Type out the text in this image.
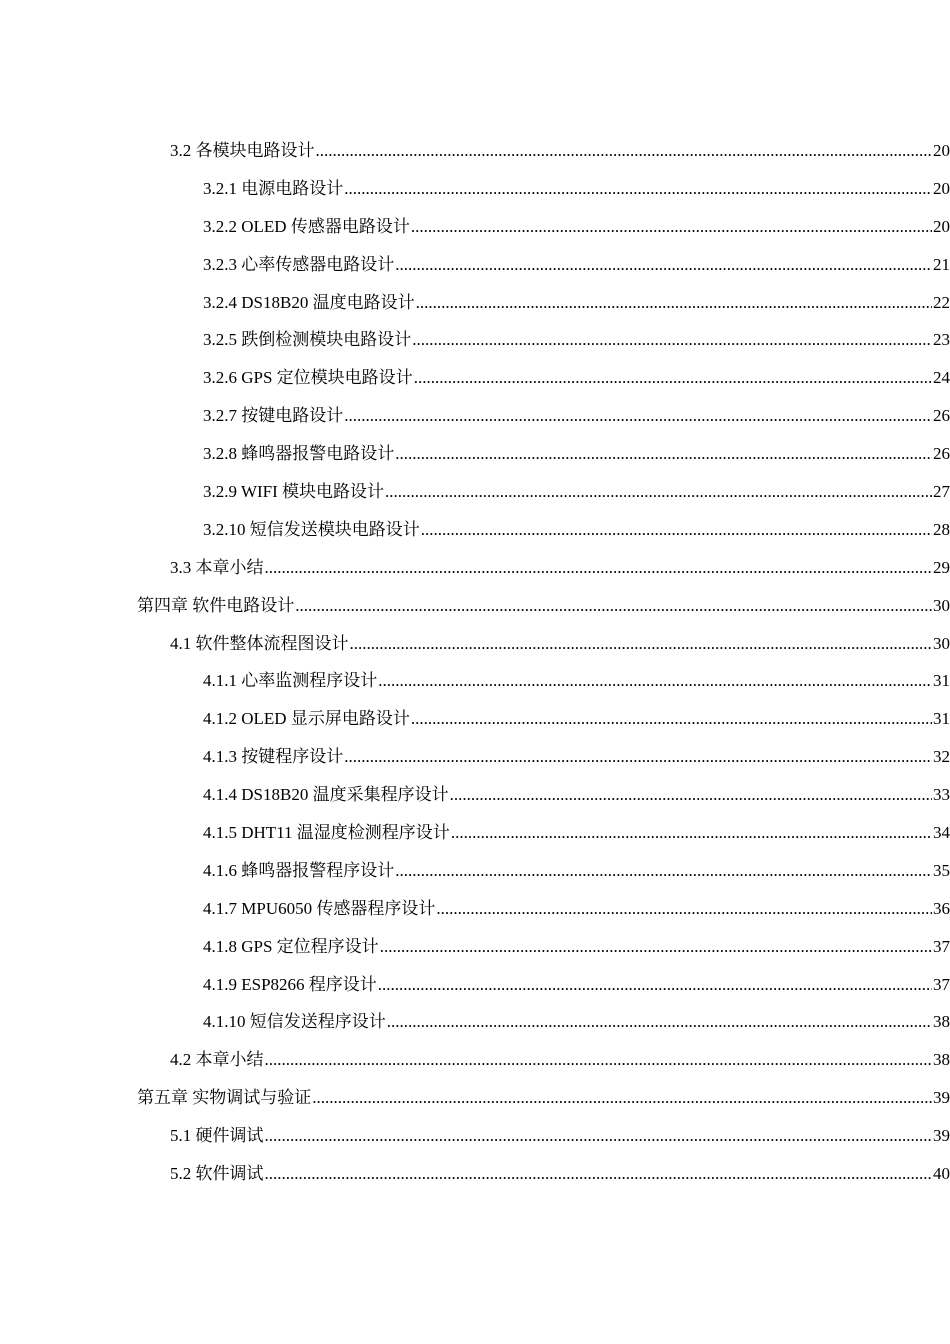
3.2 各模块电路设计 .....	20
3.2.1 电源电路设计 .....	20
3.2.2 OLED 传感器电路设计 .....	20
3.2.3 心率传感器电路设计 .....	21
3.2.4 DS18B20 温度电路设计 .....	22
3.2.5 跌倒检测模块电路设计 .....	23
3.2.6 GPS 定位模块电路设计 .....	24
3.2.7 按键电路设计 .....	26
3.2.8 蜂鸣器报警电路设计 .....	26
3.2.9 WIFI 模块电路设计 .....	27
3.2.10 短信发送模块电路设计 .....	28
3.3 本章小结 .....	29
第四章 软件电路设计 .....	30
4.1 软件整体流程图设计 .....	30
4.1.1 心率监测程序设计 .....	31
4.1.2 OLED 显示屏电路设计 .....	31
4.1.3 按键程序设计 .....	32
4.1.4 DS18B20 温度采集程序设计 .....	33
4.1.5 DHT11 温湿度检测程序设计 .....	34
4.1.6 蜂鸣器报警程序设计 .....	35
4.1.7 MPU6050 传感器程序设计 .....	36
4.1.8 GPS 定位程序设计 .....	37
4.1.9 ESP8266 程序设计 .....	37
4.1.10 短信发送程序设计 .....	38
4.2 本章小结 .....	38
第五章 实物调试与验证 .....	39
5.1 硬件调试 .....	39
5.2 软件调试 .....	40
